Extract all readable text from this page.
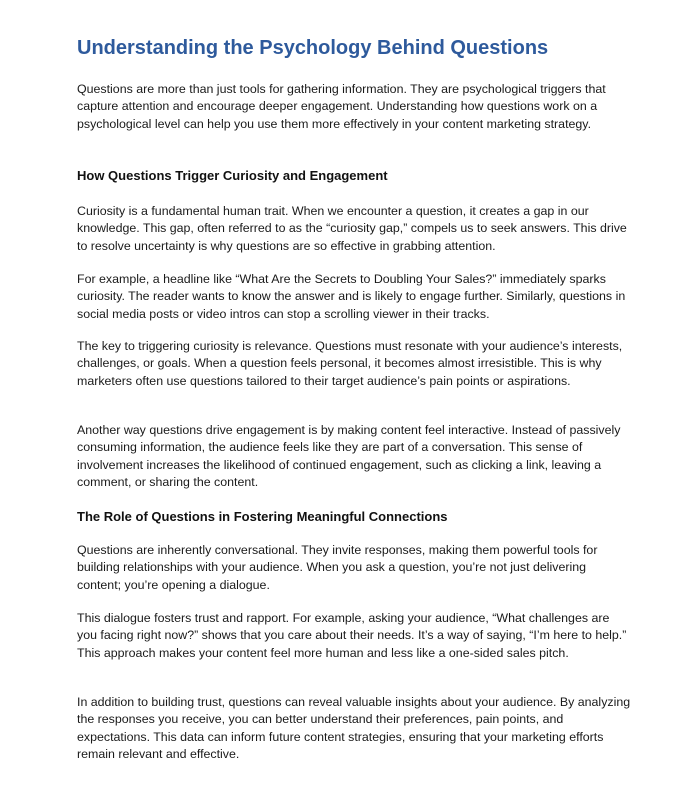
Understanding the Psychology Behind Questions

Questions are more than just tools for gathering information. They are psychological triggers that capture attention and encourage deeper engagement. Understanding how questions work on a psychological level can help you use them more effectively in your content marketing strategy.

How Questions Trigger Curiosity and Engagement

Curiosity is a fundamental human trait. When we encounter a question, it creates a gap in our knowledge. This gap, often referred to as the “curiosity gap,” compels us to seek answers. This drive to resolve uncertainty is why questions are so effective in grabbing attention.

For example, a headline like “What Are the Secrets to Doubling Your Sales?” immediately sparks curiosity. The reader wants to know the answer and is likely to engage further. Similarly, questions in social media posts or video intros can stop a scrolling viewer in their tracks.

The key to triggering curiosity is relevance. Questions must resonate with your audience’s interests, challenges, or goals. When a question feels personal, it becomes almost irresistible. This is why marketers often use questions tailored to their target audience’s pain points or aspirations.

Another way questions drive engagement is by making content feel interactive. Instead of passively consuming information, the audience feels like they are part of a conversation. This sense of involvement increases the likelihood of continued engagement, such as clicking a link, leaving a comment, or sharing the content.

The Role of Questions in Fostering Meaningful Connections

Questions are inherently conversational. They invite responses, making them powerful tools for building relationships with your audience. When you ask a question, you’re not just delivering content; you’re opening a dialogue.

This dialogue fosters trust and rapport. For example, asking your audience, “What challenges are you facing right now?” shows that you care about their needs. It’s a way of saying, “I’m here to help.” This approach makes your content feel more human and less like a one-sided sales pitch.

In addition to building trust, questions can reveal valuable insights about your audience. By analyzing the responses you receive, you can better understand their preferences, pain points, and expectations. This data can inform future content strategies, ensuring that your marketing efforts remain relevant and effective.
